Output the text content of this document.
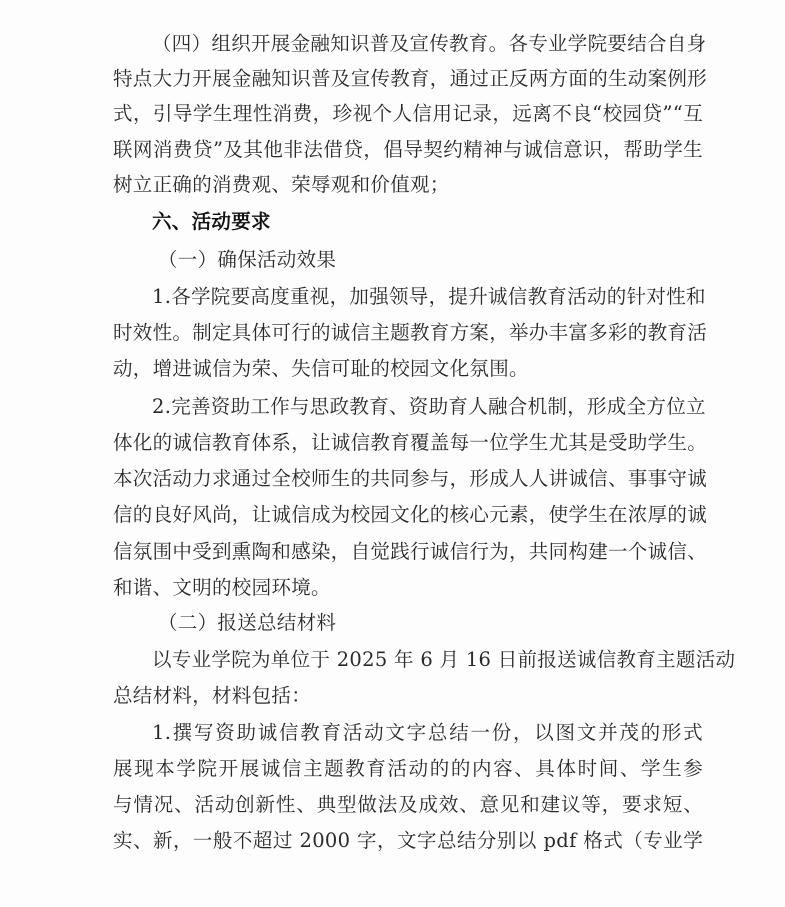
（四）组织开展金融知识普及宣传教育。各专业学院要结合自身
特点大力开展金融知识普及宣传教育，通过正反两方面的生动案例形
式，引导学生理性消费，珍视个人信用记录，远离不良“校园贷”“互
联网消费贷”及其他非法借贷，倡导契约精神与诚信意识，帮助学生
树立正确的消费观、荣辱观和价值观；
六、活动要求
（一）确保活动效果
1.各学院要高度重视，加强领导，提升诚信教育活动的针对性和
时效性。制定具体可行的诚信主题教育方案，举办丰富多彩的教育活
动，增进诚信为荣、失信可耻的校园文化氛围。
2.完善资助工作与思政教育、资助育人融合机制，形成全方位立
体化的诚信教育体系，让诚信教育覆盖每一位学生尤其是受助学生。
本次活动力求通过全校师生的共同参与，形成人人讲诚信、事事守诚
信的良好风尚，让诚信成为校园文化的核心元素，使学生在浓厚的诚
信氛围中受到熏陶和感染，自觉践行诚信行为，共同构建一个诚信、
和谐、文明的校园环境。
（二）报送总结材料
以专业学院为单位于 2025 年 6 月 16 日前报送诚信教育主题活动
总结材料，材料包括：
1.撰写资助诚信教育活动文字总结一份，以图文并茂的形式
展现本学院开展诚信主题教育活动的的内容、具体时间、学生参
与情况、活动创新性、典型做法及成效、意见和建议等，要求短、
实、新，一般不超过 2000 字，文字总结分别以 pdf 格式（专业学
